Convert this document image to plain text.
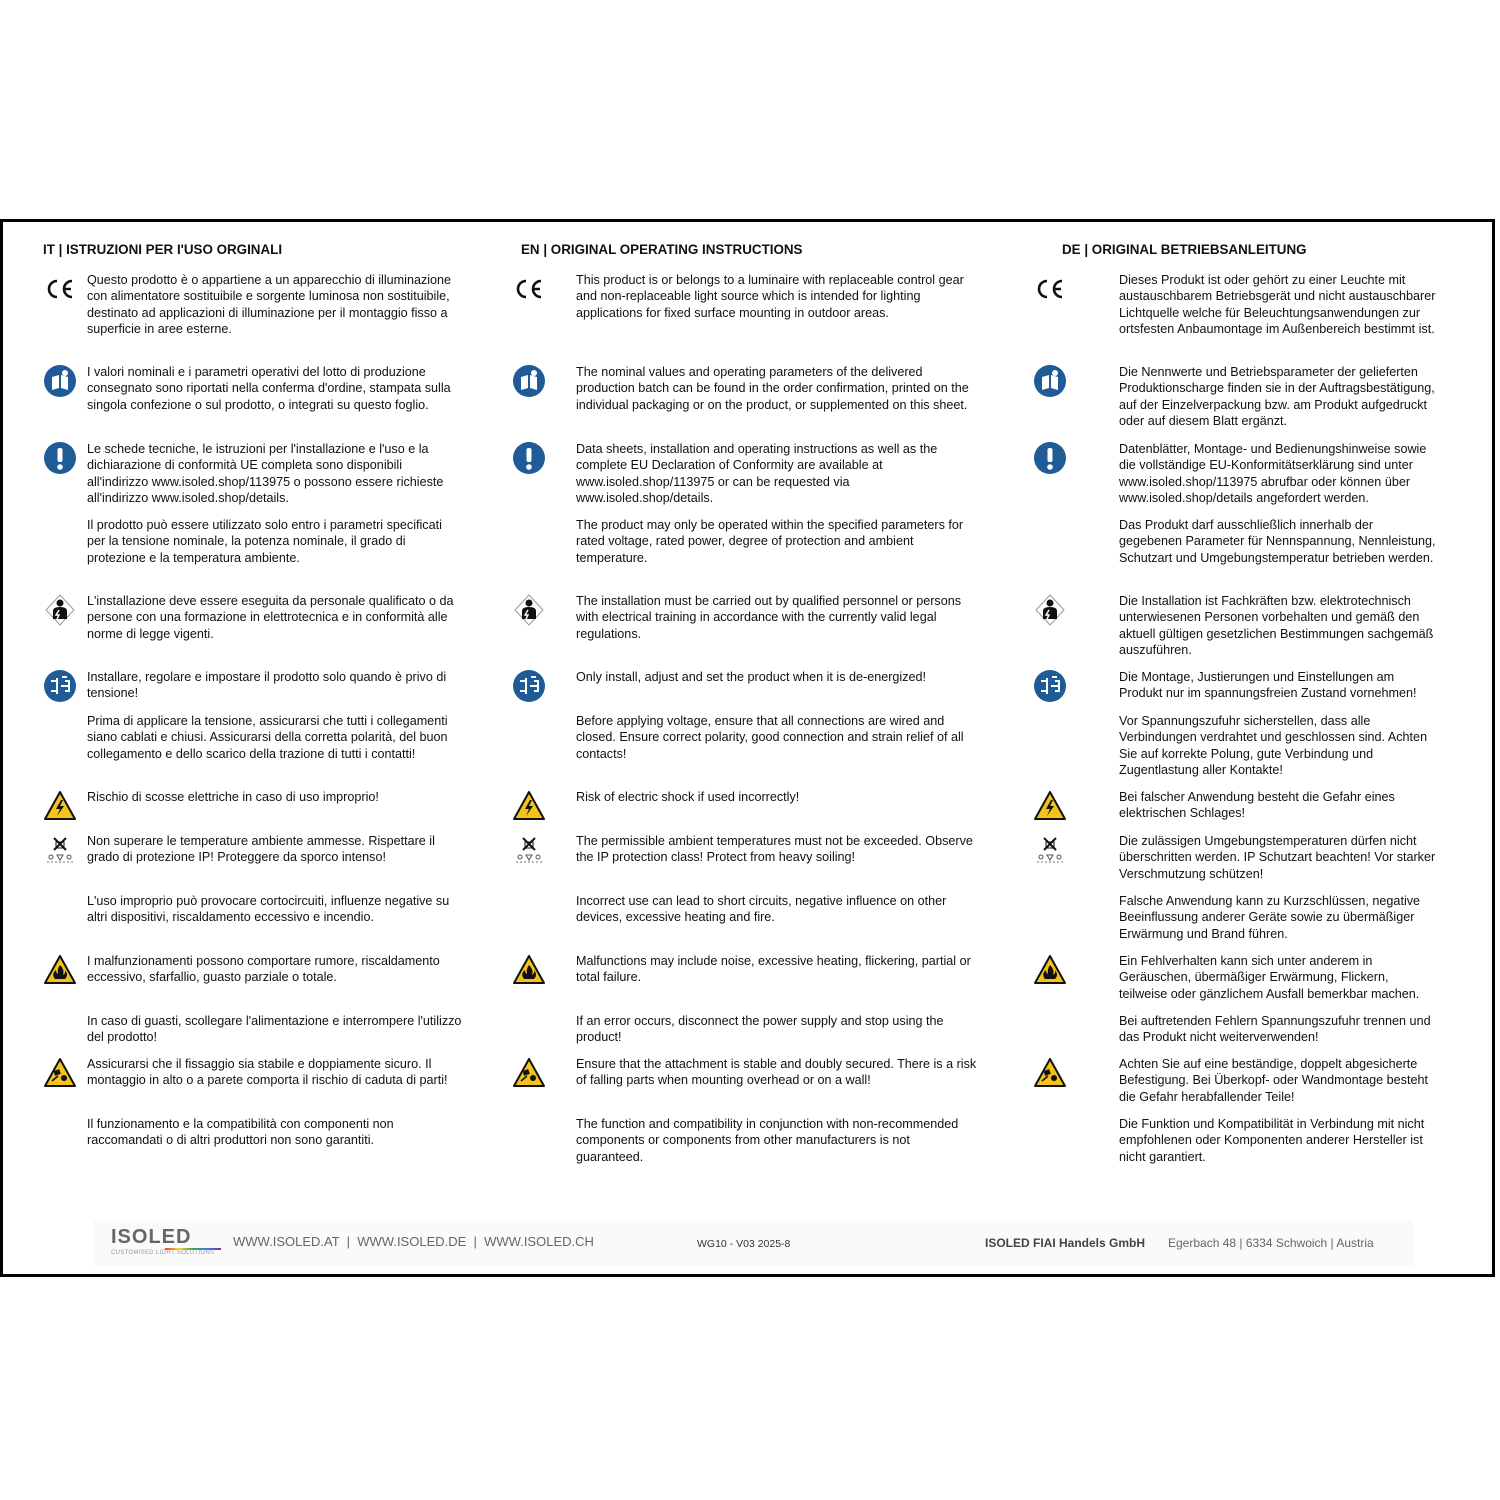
IT | ISTRUZIONI PER I'USO ORGINALI
Questo prodotto è o appartiene a un apparecchio di illuminazione con alimentatore sostituibile e sorgente luminosa non sostituibile, destinato ad applicazioni di illuminazione per il montaggio fisso a superficie in aree esterne.
I valori nominali e i parametri operativi del lotto di produzione consegnato sono riportati nella conferma d'ordine, stampata sulla singola confezione o sul prodotto, o integrati su questo foglio.
Le schede tecniche, le istruzioni per l'installazione e l'uso e la dichiarazione di conformità UE completa sono disponibili all'indirizzo www.isoled.shop/113975 o possono essere richieste all'indirizzo www.isoled.shop/details.
Il prodotto può essere utilizzato solo entro i parametri specificati per la tensione nominale, la potenza nominale, il grado di protezione e la temperatura ambiente.
L'installazione deve essere eseguita da personale qualificato o da persone con una formazione in elettrotecnica e in conformità alle norme di legge vigenti.
Installare, regolare e impostare il prodotto solo quando è privo di tensione!
Prima di applicare la tensione, assicurarsi che tutti i collegamenti siano cablati e chiusi. Assicurarsi della corretta polarità, del buon collegamento e dello scarico della trazione di tutti i contatti!
Rischio di scosse elettriche in caso di uso improprio!
Non superare le temperature ambiente ammesse. Rispettare il grado di protezione IP! Proteggere da sporco intenso!
L'uso improprio può provocare cortocircuiti, influenze negative su altri dispositivi, riscaldamento eccessivo e incendio.
I malfunzionamenti possono comportare rumore, riscaldamento eccessivo, sfarfallio, guasto parziale o totale.
In caso di guasti, scollegare l'alimentazione e interrompere l'utilizzo del prodotto!
Assicurarsi che il fissaggio sia stabile e doppiamente sicuro. Il montaggio in alto o a parete comporta il rischio di caduta di parti!
Il funzionamento e la compatibilità con componenti non raccomandati o di altri produttori non sono garantiti.
EN | ORIGINAL OPERATING INSTRUCTIONS
This product is or belongs to a luminaire with replaceable control gear and non-replaceable light source which is intended for lighting applications for fixed surface mounting in outdoor areas.
The nominal values and operating parameters of the delivered production batch can be found in the order confirmation, printed on the individual packaging or on the product, or supplemented on this sheet.
Data sheets, installation and operating instructions as well as the complete EU Declaration of Conformity are available at www.isoled.shop/113975 or can be requested via www.isoled.shop/details.
The product may only be operated within the specified parameters for rated voltage, rated power, degree of protection and ambient temperature.
The installation must be carried out by qualified personnel or persons with electrical training in accordance with the currently valid legal regulations.
Only install, adjust and set the product when it is de-energized!
Before applying voltage, ensure that all connections are wired and closed. Ensure correct polarity, good connection and strain relief of all contacts!
Risk of electric shock if used incorrectly!
The permissible ambient temperatures must not be exceeded. Observe the IP protection class! Protect from heavy soiling!
Incorrect use can lead to short circuits, negative influence on other devices, excessive heating and fire.
Malfunctions may include noise, excessive heating, flickering, partial or total failure.
If an error occurs, disconnect the power supply and stop using the product!
Ensure that the attachment is stable and doubly secured. There is a risk of falling parts when mounting overhead or on a wall!
The function and compatibility in conjunction with non-recommended components or components from other manufacturers is not guaranteed.
DE | ORIGINAL BETRIEBSANLEITUNG
Dieses Produkt ist oder gehört zu einer Leuchte mit austauschbarem Betriebsgerät und nicht austauschbarer Lichtquelle welche für Beleuchtungsanwendungen zur ortsfesten Anbaumontage im Außenbereich bestimmt ist.
Die Nennwerte und Betriebsparameter der gelieferten Produktionscharge finden sie in der Auftragsbestätigung, auf der Einzelverpackung bzw. am Produkt aufgedruckt oder auf diesem Blatt ergänzt.
Datenblätter, Montage- und Bedienungshinweise sowie die vollständige EU-Konformitätserklärung sind unter www.isoled.shop/113975 abrufbar oder können über www.isoled.shop/details angefordert werden.
Das Produkt darf ausschließlich innerhalb der gegebenen Parameter für Nennspannung, Nennleistung, Schutzart und Umgebungstemperatur betrieben werden.
Die Installation ist Fachkräften bzw. elektrotechnisch unterwiesenen Personen vorbehalten und gemäß den aktuell gültigen gesetzlichen Bestimmungen sachgemäß auszuführen.
Die Montage, Justierungen und Einstellungen am Produkt nur im spannungsfreien Zustand vornehmen!
Vor Spannungszufuhr sicherstellen, dass alle Verbindungen verdrahtet und geschlossen sind. Achten Sie auf korrekte Polung, gute Verbindung und Zugentlastung aller Kontakte!
Bei falscher Anwendung besteht die Gefahr eines elektrischen Schlages!
Die zulässigen Umgebungstemperaturen dürfen nicht überschritten werden. IP Schutzart beachten! Vor starker Verschmutzung schützen!
Falsche Anwendung kann zu Kurzschlüssen, negative Beeinflussung anderer Geräte sowie zu übermäßiger Erwärmung und Brand führen.
Ein Fehlverhalten kann sich unter anderem in Geräuschen, übermäßiger Erwärmung, Flickern, teilweise oder gänzlichem Ausfall bemerkbar machen.
Bei auftretenden Fehlern Spannungszufuhr trennen und das Produkt nicht weiterverwenden!
Achten Sie auf eine beständige, doppelt abgesicherte Befestigung. Bei Überkopf- oder Wandmontage besteht die Gefahr herabfallender Teile!
Die Funktion und Kompatibilität in Verbindung mit nicht empfohlenen oder Komponenten anderer Hersteller ist nicht garantiert.
ISOLED
CUSTOMISED LIGHT SOLUTIONS
WWW.ISOLED.AT  |  WWW.ISOLED.DE  |  WWW.ISOLED.CH	WG10 - V03 2025-8	ISOLED FIAI Handels GmbH Egerbach 48 | 6334 Schwoich | Austria
